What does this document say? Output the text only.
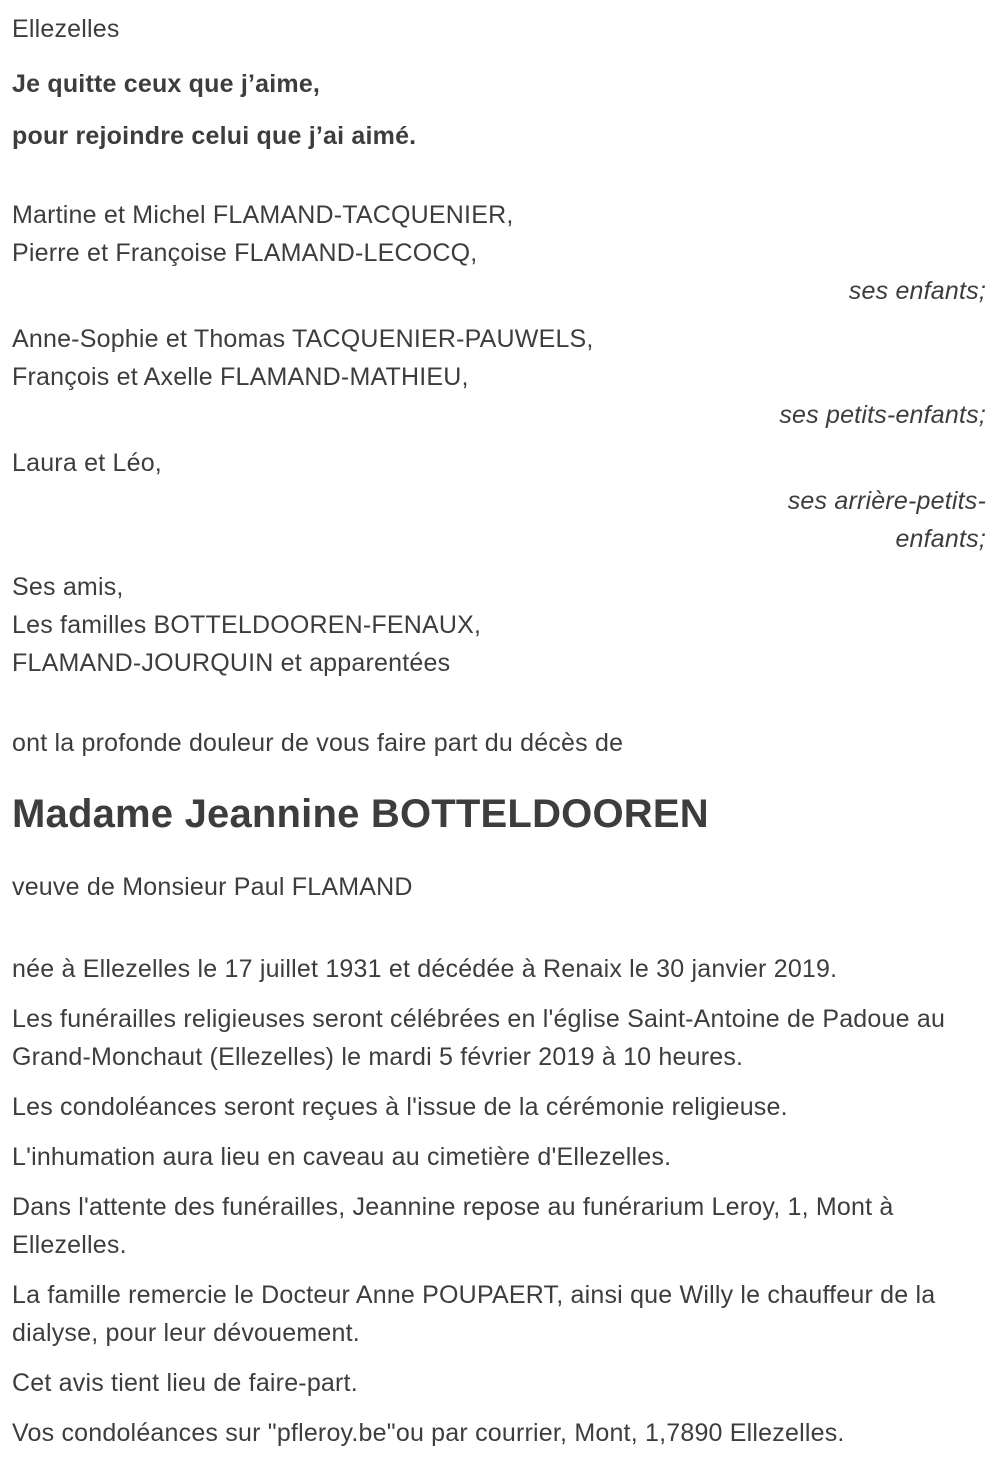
Ellezelles

Je quitte ceux que j’aime,

pour rejoindre celui que j’ai aimé.

Martine et Michel FLAMAND-TACQUENIER,

Pierre et Françoise FLAMAND-LECOCQ,

ses enfants;

Anne-Sophie et Thomas TACQUENIER-PAUWELS,

François et Axelle FLAMAND-MATHIEU,

ses petits-enfants;

Laura et Léo,

ses arrière-petits-enfants;

Ses amis,

Les familles BOTTELDOOREN-FENAUX,

FLAMAND-JOURQUIN et apparentées

ont la profonde douleur de vous faire part du décès de

Madame Jeannine BOTTELDOOREN

veuve de Monsieur Paul FLAMAND

née à Ellezelles le 17 juillet 1931 et décédée à Renaix le 30 janvier 2019.

Les funérailles religieuses seront célébrées en l'église Saint-Antoine de Padoue au Grand-Monchaut (Ellezelles) le mardi 5 février 2019 à 10 heures.

Les condoléances seront reçues à l'issue de la cérémonie religieuse.

L'inhumation aura lieu en caveau au cimetière d'Ellezelles.

Dans l'attente des funérailles, Jeannine repose au funérarium Leroy, 1, Mont à Ellezelles.

La famille remercie le Docteur Anne POUPAERT, ainsi que Willy le chauffeur de la dialyse, pour leur dévouement.

Cet avis tient lieu de faire-part.

Vos condoléances sur "pfleroy.be"ou par courrier, Mont, 1,7890 Ellezelles.
